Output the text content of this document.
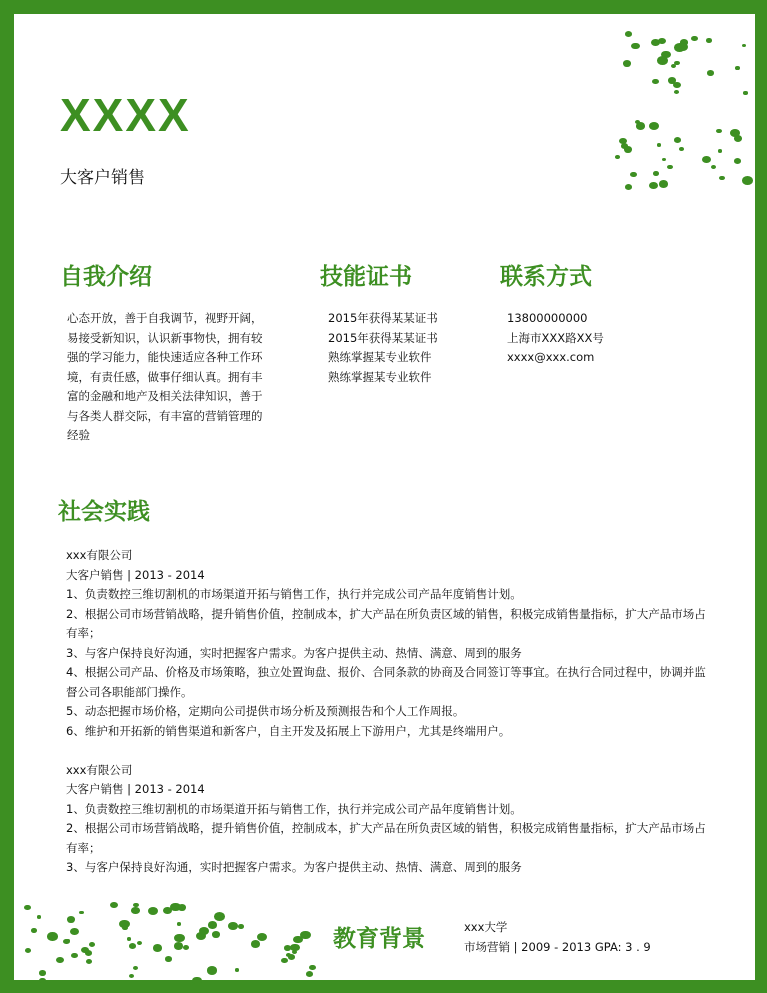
XXXX
大客户销售
自我介绍
心态开放，善于自我调节，视野开阔，
易接受新知识，认识新事物快，拥有较
强的学习能力，能快速适应各种工作环
境，有责任感，做事仔细认真。拥有丰
富的金融和地产及相关法律知识，善于
与各类人群交际，有丰富的营销管理的
经验
技能证书
2015年获得某某证书
2015年获得某某证书
熟练掌握某专业软件
熟练掌握某专业软件
联系方式
13800000000
上海市XXX路XX号
xxxx@xxx.com
社会实践
xxx有限公司
大客户销售 | 2013 - 2014
1、负责数控三维切割机的市场渠道开拓与销售工作，执行并完成公司产品年度销售计划。
2、根据公司市场营销战略，提升销售价值，控制成本，扩大产品在所负责区域的销售，积极完成销售量指标，扩大产品市场占
有率；
3、与客户保持良好沟通，实时把握客户需求。为客户提供主动、热情、满意、周到的服务
4、根据公司产品、价格及市场策略，独立处置询盘、报价、合同条款的协商及合同签订等事宜。在执行合同过程中，协调并监
督公司各职能部门操作。
5、动态把握市场价格，定期向公司提供市场分析及预测报告和个人工作周报。
6、维护和开拓新的销售渠道和新客户，自主开发及拓展上下游用户，尤其是终端用户。
xxx有限公司
大客户销售 | 2013 - 2014
1、负责数控三维切割机的市场渠道开拓与销售工作，执行并完成公司产品年度销售计划。
2、根据公司市场营销战略，提升销售价值，控制成本，扩大产品在所负责区域的销售，积极完成销售量指标，扩大产品市场占
有率；
3、与客户保持良好沟通，实时把握客户需求。为客户提供主动、热情、满意、周到的服务
教育背景	xxx大学
市场营销 | 2009 - 2013 GPA: 3 . 9
